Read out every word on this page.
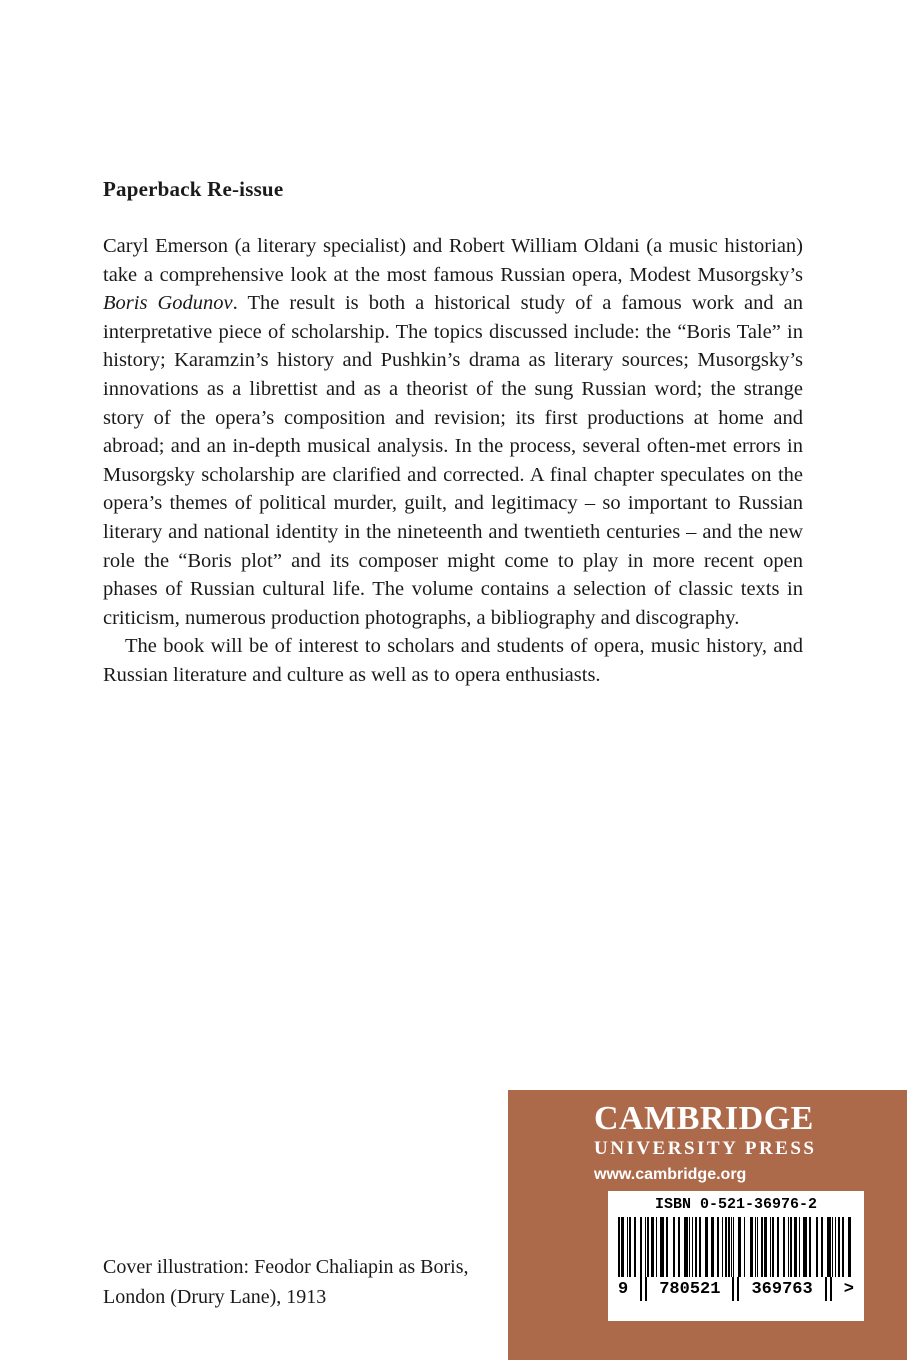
Paperback Re-issue

Caryl Emerson (a literary specialist) and Robert William Oldani (a music historian) take a comprehensive look at the most famous Russian opera, Modest Musorgsky’s Boris Godunov. The result is both a historical study of a famous work and an interpretative piece of scholarship. The topics discussed include: the “Boris Tale” in history; Karamzin’s history and Pushkin’s drama as literary sources; Musorgsky’s innovations as a librettist and as a theorist of the sung Russian word; the strange story of the opera’s composition and revision; its first productions at home and abroad; and an in-depth musical analysis. In the process, several often-met errors in Musorgsky scholarship are clarified and corrected. A final chapter speculates on the opera’s themes of political murder, guilt, and legitimacy – so important to Russian literary and national identity in the nineteenth and twentieth centuries – and the new role the “Boris plot” and its composer might come to play in more recent open phases of Russian cultural life. The volume contains a selection of classic texts in criticism, numerous production photographs, a bibliography and discography.

The book will be of interest to scholars and students of opera, music history, and Russian literature and culture as well as to opera enthusiasts.

Cover illustration: Feodor Chaliapin as Boris,
London (Drury Lane), 1913
CAMBRIDGE
UNIVERSITY PRESS
www.cambridge.org
ISBN 0-521-36976-2
9 780521 369763 >
